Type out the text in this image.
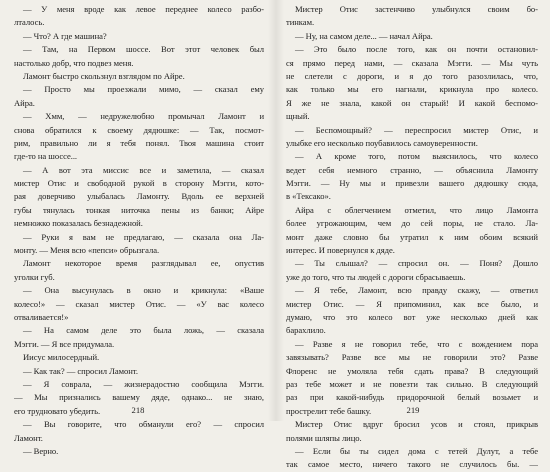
— У меня вроде как левое переднее колесо разбо-
лталось.
— Что? А где машина?
— Там, на Первом шоссе. Вот этот человек был
настолько добр, что подвез меня.
Ламонт быстро скользнул взглядом по Айре.
— Просто мы проезжали мимо, — сказал ему
Айра.
— Хмм, — недружелюбно промычал Ламонт и
снова обратился к своему дядюшке: — Так, посмот-
рим, правильно ли я тебя понял. Твоя машина стоит
где-то на шоссе...
— А вот эта миссис все и заметила, — сказал
мистер Отис и свободной рукой в сторону Мэгги, кото-
рая доверчиво улыбалась Ламонту. Вдоль ее верхней
губы тянулась тонкая ниточка пены из банки; Айре
немножко показалась безнадежной.
— Руки я вам не предлагаю, — сказала она Ла-
монту. — Меня всю «пепси» обрызгала.
Ламонт некоторое время разглядывал ее, опустив
уголки губ.
— Она высунулась в окно и крикнула: «Ваше
колесо!» — сказал мистер Отис. — «У вас колесо
отваливается!»
— На самом деле это была ложь, — сказала
Мэгги. — Я все придумала.
Иисус милосердный.
— Как так? — спросил Ламонт.
— Я соврала, — жизнерадостно сообщила Мэгги.
— Мы признались вашему дяде, однако... не знаю,
его трудновато убедить.
— Вы говорите, что обманули его? — спросил
Ламонт.
— Верно.
218
Мистер Отис застенчиво улыбнулся своим бо-
тинкам.
— Ну, на самом деле... — начал Айра.
— Это было после того, как он почти остановил-
ся прямо перед нами, — сказала Мэгги. — Мы чуть
не слетели с дороги, и я до того разозлилась, что,
как только мы его нагнали, крикнула про колесо.
Я же не знала, какой он старый! И какой беспомо-
щный.
— Беспомощный? — переспросил мистер Отис, и
улыбке его несколько поубавилось самоуверенности.
— А кроме того, потом выяснилось, что колесо
ведет себя немного странно, — объяснила Ламонту
Мэгги. — Ну мы и привезли вашего дядюшку сюда,
в «Тексако».
Айра с облегчением отметил, что лицо Ламонта
более угрожающим, чем до сей поры, не стало. Ла-
монт даже словно бы утратил к ним обоим всякий
интерес. И повернулся к дяде.
— Ты слышал? — спросил он. — Поня? Дошло
уже до того, что ты людей с дороги сбрасываешь.
— Я тебе, Ламонт, всю правду скажу, — ответил
мистер Отис. — Я припоминил, как все было, и
думаю, что это колесо вот уже несколько дней как
барахлило.
— Разве я не говорил тебе, что с вождением пора
завязывать? Разве все мы не говорили это? Разве
Флоренс не умоляла тебя сдать права? В следующий
раз тебе может и не повезти так сильно. В следующий
раз при какой-нибудь придорочной белый возьмет и
прострелит тебе башку.
Мистер Отис вдруг бросил усов и стоял, прикрыв
полями шляпы лицо.
— Если бы ты сидел дома с тетей Дулут, а тебе
так самое место, ничего такого не случилось бы. —
219
